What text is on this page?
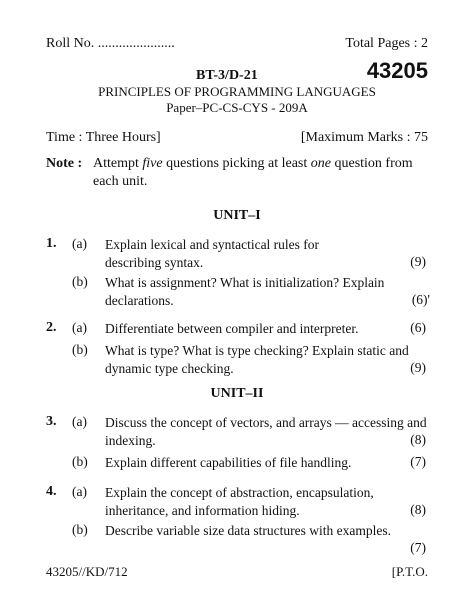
Roll No. ......................	Total Pages : 2
BT-3/D-21	43205
PRINCIPLES OF PROGRAMMING LANGUAGES
Paper–PC-CS-CYS - 209A
Time : Three Hours]	[Maximum Marks : 75
Note : Attempt five questions picking at least one question from
each unit.
UNIT–I
1. (a) Explain lexical and syntactical rules for describing syntax.	(9)
(b) What is assignment? What is initialization? Explain declarations.	(6)'
2. (a) Differentiate between compiler and interpreter.	(6)
(b) What is type? What is type checking? Explain static and dynamic type checking.	(9)
UNIT–II
3. (a) Discuss the concept of vectors, and arrays — accessing and indexing.	(8)
(b) Explain different capabilities of file handling.	(7)
4. (a) Explain the concept of abstraction, encapsulation, inheritance, and information hiding.	(8)
(b) Describe variable size data structures with examples.
(7)
43205//KD/712	[P.T.O.
